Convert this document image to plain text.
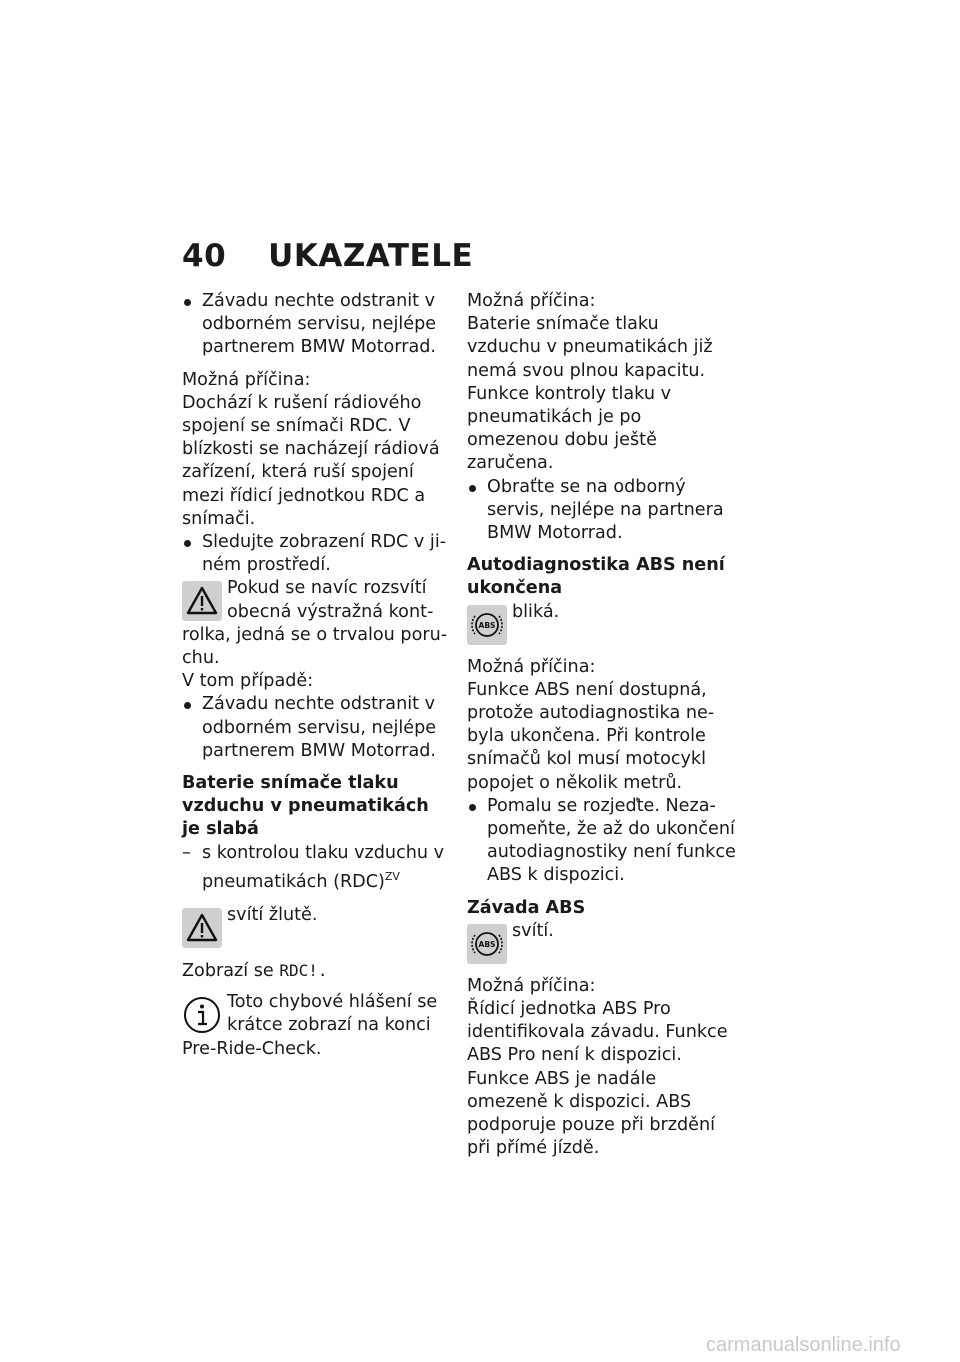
40 UKAZATELE

Závadu nechte odstranit v odborném servisu, nejlépe partnerem BMW Motorrad.

Možná příčina:

Dochází k rušení rádiového spojení se snímači RDC. V blízkosti se nacházejí rádiová zařízení, která ruší spojení mezi řídicí jednotkou RDC a snímači.

Sledujte zobrazení RDC v jiném prostředí.

Pokud se navíc rozsvítí obecná výstražná kontrolka, jedná se o trvalou poruchu.

V tom případě:

Závadu nechte odstranit v odborném servisu, nejlépe partnerem BMW Motorrad.

Baterie snímače tlaku vzduchu v pneumatikách je slabá

– s kontrolou tlaku vzduchu v pneumatikách (RDC)$^{ZV}$

svítí žlutě.

Zobrazí se RDC!.

Toto chybové hlášení se krátce zobrazí na konci Pre-Ride-Check.

Možná příčina:

Baterie snímače tlaku vzduchu v pneumatikách již nemá svou plnou kapacitu. Funkce kontroly tlaku v pneumatikách je po omezenou dobu ještě zaručena.

Obraťte se na odborný servis, nejlépe na partnera BMW Motorrad.

Autodiagnostika ABS není ukončena

ABS
bliká.

Možná příčina:

Funkce ABS není dostupná, protože autodiagnostika nebyla ukončena. Při kontrole snímačů kol musí motocykl popojet o několik metrů.

Pomalu se rozjeďte. Nezapomeňte, že až do ukončení autodiagnostiky není funkce ABS k dispozici.

Závada ABS

ABS
svítí.

Možná příčina:

Řídicí jednotka ABS Pro identifikovala závadu. Funkce ABS Pro není k dispozici. Funkce ABS je nadále omezeně k dispozici. ABS podporuje pouze při brzdění při přímé jízdě.

carmanualsonline.info
